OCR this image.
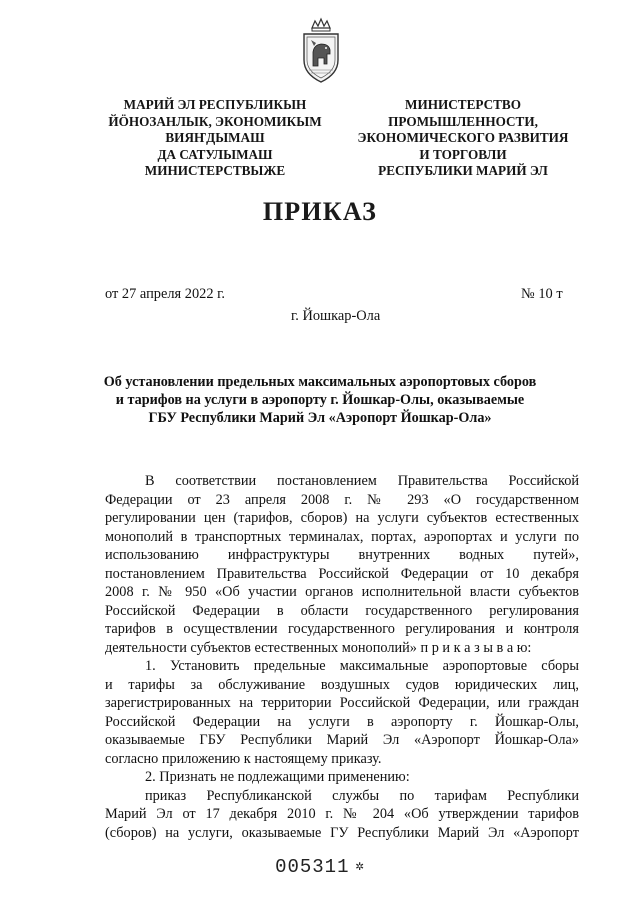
МАРИЙ ЭЛ РЕСПУБЛИКЫН
ЙӦНОЗАНЛЫК, ЭКОНОМИКЫМ
ВИЯҤДЫМАШ
ДА САТУЛЫМАШ
МИНИСТЕРСТВЫЖЕ
МИНИСТЕРСТВО
ПРОМЫШЛЕННОСТИ,
ЭКОНОМИЧЕСКОГО РАЗВИТИЯ
И ТОРГОВЛИ
РЕСПУБЛИКИ МАРИЙ ЭЛ
ПРИКАЗ
от 27 апреля 2022 г.	№ 10 т
г. Йошкар-Ола
Об установлении предельных максимальных аэропортовых сборов
и тарифов на услуги в аэропорту г. Йошкар-Олы, оказываемые
ГБУ Республики Марий Эл «Аэропорт Йошкар-Ола»
В соответствии постановлением Правительства Российской
Федерации от 23 апреля 2008 г. № 293 «О государственном
регулировании цен (тарифов, сборов) на услуги субъектов естественных
монополий в транспортных терминалах, портах, аэропортах и услуги по
использованию инфраструктуры внутренних водных путей»,
постановлением Правительства Российской Федерации от 10 декабря
2008 г. № 950 «Об участии органов исполнительной власти субъектов
Российской Федерации в области государственного регулирования
тарифов в осуществлении государственного регулирования и контроля
деятельности субъектов естественных монополий» п р и к а з ы в а ю:
1. Установить предельные максимальные аэропортовые сборы
и тарифы за обслуживание воздушных судов юридических лиц,
зарегистрированных на территории Российской Федерации, или граждан
Российской Федерации на услуги в аэропорту г. Йошкар-Олы,
оказываемые ГБУ Республики Марий Эл «Аэропорт Йошкар-Ола»
согласно приложению к настоящему приказу.
2. Признать не подлежащими применению:
приказ Республиканской службы по тарифам Республики
Марий Эл от 17 декабря 2010 г. № 204 «Об утверждении тарифов
(сборов) на услуги, оказываемые ГУ Республики Марий Эл «Аэропорт
005311 ✲
